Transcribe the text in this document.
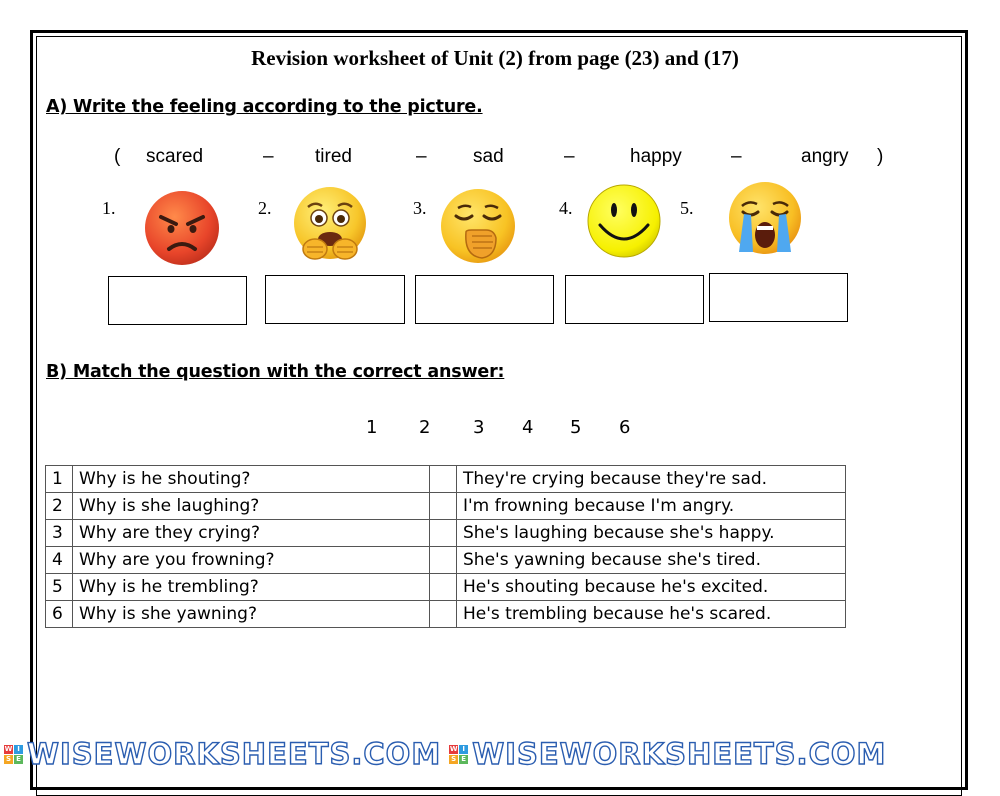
Revision worksheet of Unit (2) from page (23) and (17)
A) Write the feeling according to the picture.
( scared	– tired	– sad	–	happy	–	angry )
1.	2.	3.	4.	5.
B) Match the question with the correct answer:
1 2 3 4 5 6
1	Why is he shouting?		They're crying because they're sad.
2	Why is she laughing?		I'm frowning because I'm angry.
3	Why are they crying?		She's laughing because she's happy.
4	Why are you frowning?		She's yawning because she's tired.
5	Why is he trembling?		He's shouting because he's excited.
6	Why is she yawning?		He's trembling because he's scared.
W I
S E WISEWORKSHEETS.COM W I
S E WISEWORKSHEETS.COM
